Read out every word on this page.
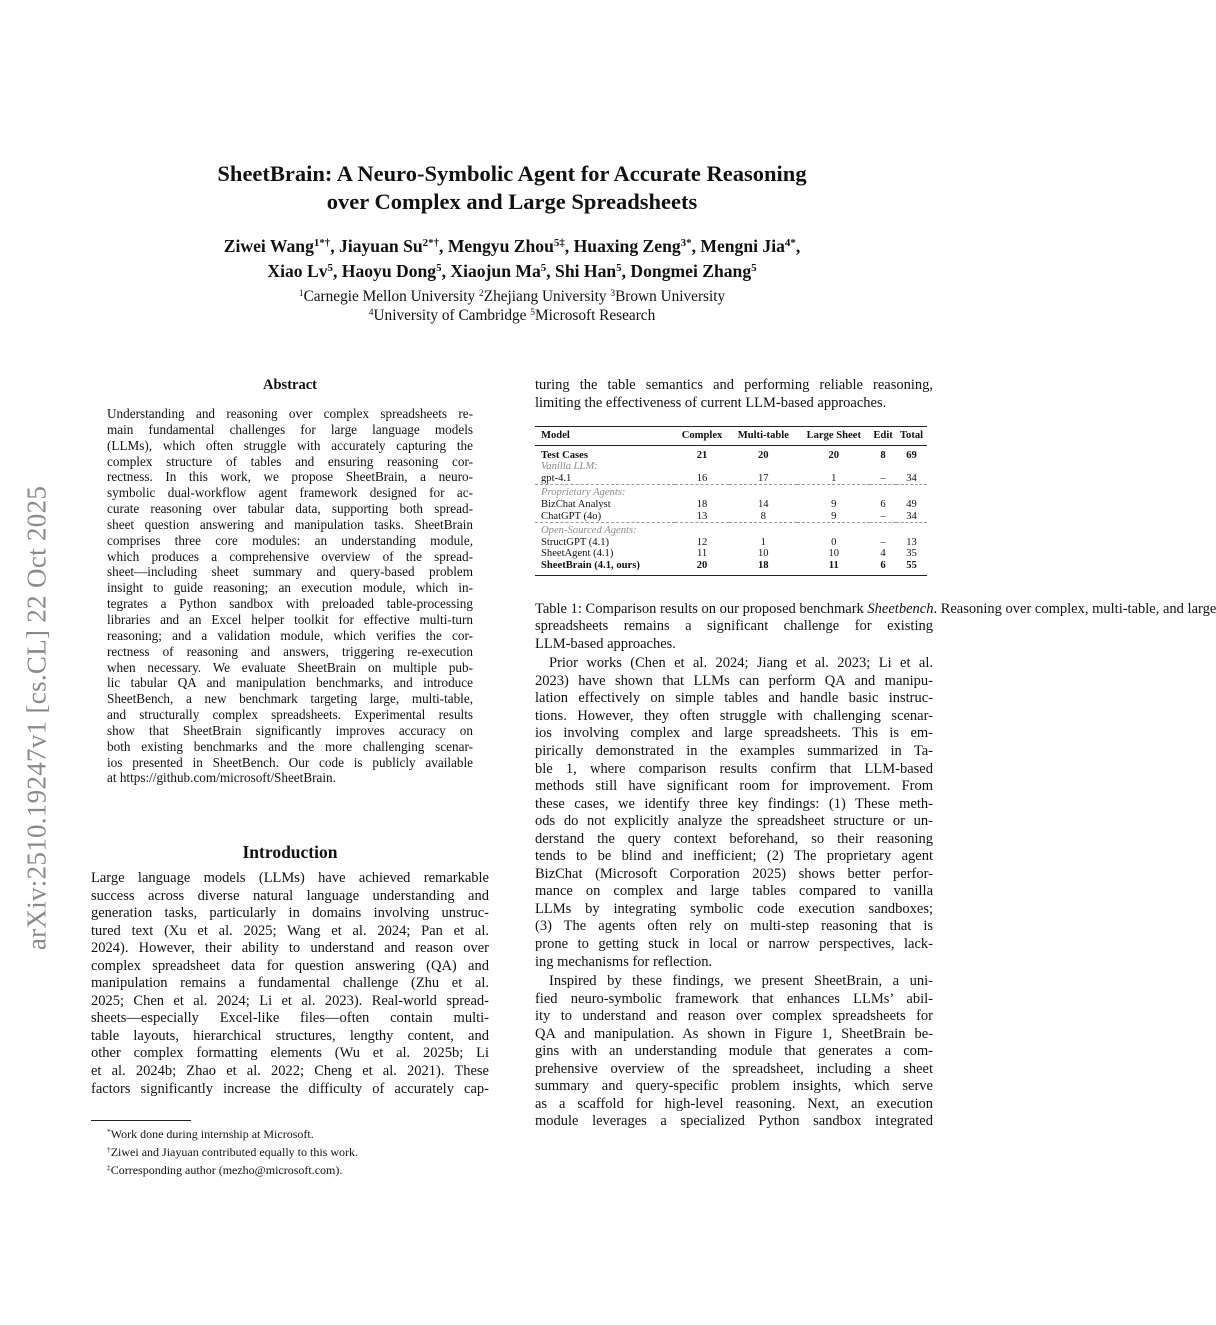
arXiv:2510.19247v1 [cs.CL] 22 Oct 2025
SheetBrain: A Neuro-Symbolic Agent for Accurate Reasoning
over Complex and Large Spreadsheets
Ziwei Wang$^{1*\dagger}$, Jiayuan $Su^{2*\dagger}$, Mengyu Zhou$^{5\ddagger}$, Huaxing Zeng$^{3*}$, Mengni Jia$^{4*}$,
Xiao Lv$^5$, Haoyu Dong$^5$, Xiaojun Ma$^5$, Shi Han$^5$, Dongmei Zhang$^5$
$^1$Carnegie Mellon University $^2$Zhejiang University $^3$Brown University
$^4$University of Cambridge $^5$Microsoft Research
Abstract
Understanding and reasoning over complex spreadsheets re-
main fundamental challenges for large language models
(LLMs), which often struggle with accurately capturing the
complex structure of tables and ensuring reasoning cor-
rectness. In this work, we propose SheetBrain, a neuro-
symbolic dual-workflow agent framework designed for ac-
curate reasoning over tabular data, supporting both spread-
sheet question answering and manipulation tasks. SheetBrain
comprises three core modules: an understanding module,
which produces a comprehensive overview of the spread-
sheet—including sheet summary and query-based problem
insight to guide reasoning; an execution module, which in-
tegrates a Python sandbox with preloaded table-processing
libraries and an Excel helper toolkit for effective multi-turn
reasoning; and a validation module, which verifies the cor-
rectness of reasoning and answers, triggering re-execution
when necessary. We evaluate SheetBrain on multiple pub-
lic tabular QA and manipulation benchmarks, and introduce
SheetBench, a new benchmark targeting large, multi-table,
and structurally complex spreadsheets. Experimental results
show that SheetBrain significantly improves accuracy on
both existing benchmarks and the more challenging scenar-
ios presented in SheetBench. Our code is publicly available
at https://github.com/microsoft/SheetBrain.
Introduction
Large language models (LLMs) have achieved remarkable
success across diverse natural language understanding and
generation tasks, particularly in domains involving unstruc-
tured text (Xu et al. 2025; Wang et al. 2024; Pan et al.
2024). However, their ability to understand and reason over
complex spreadsheet data for question answering (QA) and
manipulation remains a fundamental challenge (Zhu et al.
2025; Chen et al. 2024; Li et al. 2023). Real-world spread-
sheets—especially Excel-like files—often contain multi-
table layouts, hierarchical structures, lengthy content, and
other complex formatting elements (Wu et al. 2025b; Li
et al. 2024b; Zhao et al. 2022; Cheng et al. 2021). These
factors significantly increase the difficulty of accurately cap-
*Work done during internship at Microsoft.
†Ziwei and Jiayuan contributed equally to this work.
‡Corresponding author (mezho@microsoft.com).
turing the table semantics and performing reliable reasoning,
limiting the effectiveness of current LLM-based approaches.
Model	Complex	Multi-table	Large Sheet	Edit	Total
Test Cases	21	20	20	8	69
Vanilla LLM:					
gpt-4.1	16	17	1	–	34
Proprietary Agents:					
BizChat Analyst	18	14	9	6	49
ChatGPT (4o)	13	8	9	–	34
Open-Sourced Agents:					
StructGPT (4.1)	12	1	0	–	13
SheetAgent (4.1)	11	10	10	4	35
SheetBrain (4.1, ours)	20	18	11	6	55
Table 1: Comparison results on our proposed benchmark Sheetbench. Reasoning over complex, multi-table, and large
spreadsheets remains a significant challenge for existing
LLM-based approaches.
Prior works (Chen et al. 2024; Jiang et al. 2023; Li et al.
2023) have shown that LLMs can perform QA and manipu-
lation effectively on simple tables and handle basic instruc-
tions. However, they often struggle with challenging scenar-
ios involving complex and large spreadsheets. This is em-
pirically demonstrated in the examples summarized in Ta-
ble 1, where comparison results confirm that LLM-based
methods still have significant room for improvement. From
these cases, we identify three key findings: (1) These meth-
ods do not explicitly analyze the spreadsheet structure or un-
derstand the query context beforehand, so their reasoning
tends to be blind and inefficient; (2) The proprietary agent
BizChat (Microsoft Corporation 2025) shows better perfor-
mance on complex and large tables compared to vanilla
LLMs by integrating symbolic code execution sandboxes;
(3) The agents often rely on multi-step reasoning that is
prone to getting stuck in local or narrow perspectives, lack-
ing mechanisms for reflection.
Inspired by these findings, we present SheetBrain, a uni-
fied neuro-symbolic framework that enhances LLMs’ abil-
ity to understand and reason over complex spreadsheets for
QA and manipulation. As shown in Figure 1, SheetBrain be-
gins with an understanding module that generates a com-
prehensive overview of the spreadsheet, including a sheet
summary and query-specific problem insights, which serve
as a scaffold for high-level reasoning. Next, an execution
module leverages a specialized Python sandbox integrated
